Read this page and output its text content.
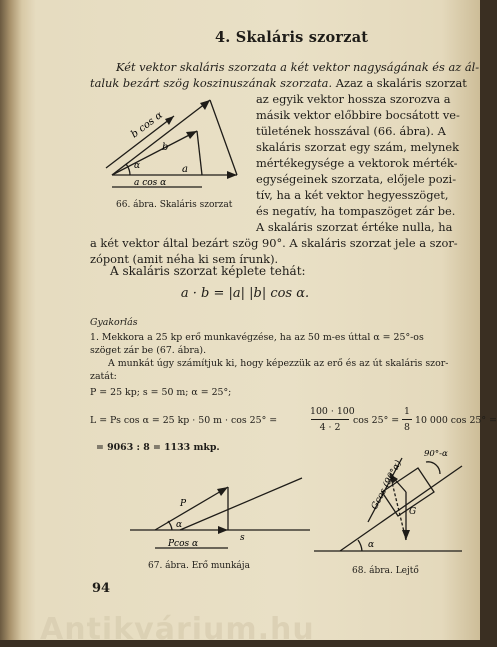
4. Skaláris szorzat
Két vektor skaláris szorzata a két vektor nagyságának és az ál-
taluk bezárt szög koszinuszának szorzata. Azaz a skaláris szorzat
az egyik vektor hossza szorozva a
másik vektor előbbire bocsátott ve-
tületének hosszával (66. ábra). A
skaláris szorzat egy szám, melynek
mértékegysége a vektorok mérték-
egységeinek szorzata, előjele pozi-
tív, ha a két vektor hegyesszöget,
és negatív, ha tompaszöget zár be.
A skaláris szorzat értéke nulla, ha
a két vektor által bezárt szög 90°. A skaláris szorzat jele a szor-
zópont (amit néha ki sem írunk).
b cos α
b
α	a
a cos α
66. ábra. Skaláris szorzat
A skaláris szorzat képlete tehát:
a · b = |a| |b| cos α.
Gyakorlás
1. Mekkora a 25 kp erő munkavégzése, ha az 50 m-es úttal α = 25°-os
szöget zár be (67. ábra).
A munkát úgy számítjuk ki, hogy képezzük az erő és az út skaláris szor-
zatát:
P = 25 kp; s = 50 m; α = 25°;
L = Ps cos α = 25 kp · 50 m · cos 25° =
100 · 100
4 · 2
cos 25° =
1
8
10 000 cos 25° =
= 9063 : 8 = 1133 mkp.
P
α
Pcos α
s
67. ábra. Erő munkája
Gcos (90°α)
90°-α
G
α
68. ábra. Lejtő
94
Antikvárium.hu
